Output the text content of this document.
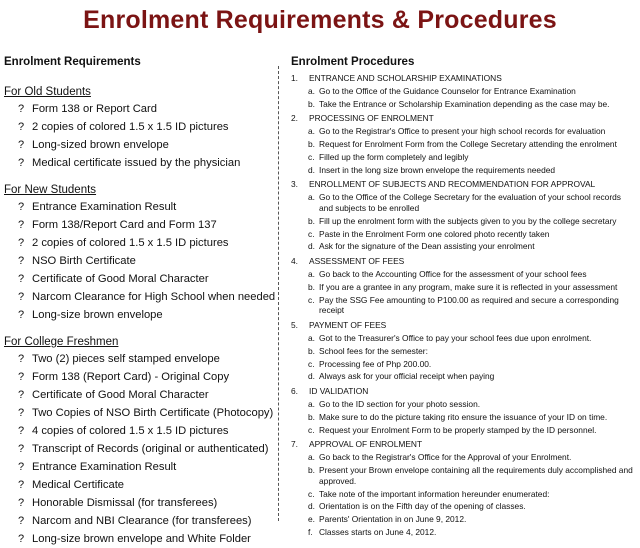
Enrolment Requirements & Procedures
Enrolment Requirements
For Old Students
? Form 138 or Report Card
? 2 copies of colored 1.5 x 1.5 ID pictures
? Long-sized brown envelope
? Medical certificate issued by the physician
For New Students
? Entrance Examination Result
? Form 138/Report Card and Form 137
? 2 copies of colored 1.5 x 1.5 ID pictures
? NSO Birth Certificate
? Certificate of Good Moral Character
? Narcom Clearance for High School when needed
? Long-size brown envelope
For College Freshmen
? Two (2) pieces self stamped envelope
? Form 138 (Report Card) - Original Copy
? Certificate of Good Moral Character
? Two Copies of NSO Birth Certificate (Photocopy)
? 4 copies of colored 1.5 x 1.5 ID pictures
? Transcript of Records (original or authenticated)
? Entrance Examination Result
? Medical Certificate
? Honorable Dismissal (for transferees)
? Narcom and NBI Clearance (for transferees)
? Long-size brown envelope and White Folder
Enrolment Procedures
1.	ENTRANCE AND SCHOLARSHIP EXAMINATIONS
a. Go to the Office of the Guidance Counselor for Entrance Examination
b. Take the Entrance or Scholarship Examination depending as the case may be.
2.	PROCESSING OF ENROLMENT
a. Go to the Registrar's Office to present your high school records for evaluation
b. Request for Enrolment Form from the College Secretary attending the enrolment
c. Filled up the form completely and legibly
d. Insert in the long size brown envelope the requirements needed
3.	ENROLLMENT OF SUBJECTS AND RECOMMENDATION FOR APPROVAL
a. Go to the Office of the College Secretary for the evaluation of your school records and subjects to be enrolled
b. Fill up the enrolment form with the subjects given to you by the college secretary
c. Paste in the Enrolment Form one colored photo recently taken
d. Ask for the signature of the Dean assisting your enrolment
4.	ASSESSMENT OF FEES
a. Go back to the Accounting Office for the assessment of your school fees
b. If you are a grantee in any program, make sure it is reflected in your assessment
c. Pay the SSG Fee amounting to P100.00 as required and secure a corresponding receipt
5.	PAYMENT OF FEES
a. Got to the Treasurer's Office to pay your school fees due upon enrolment.
b. School fees for the semester:
c. Processing fee of Php 200.00.
d. Always ask for your official receipt when paying
6.	ID VALIDATION
a. Go to the ID section for your photo session.
b. Make sure to do the picture taking rito ensure the issuance of your ID on time.
c. Request your Enrolment Form to be properly stamped by the ID personnel.
7.	APPROVAL OF ENROLMENT
a. Go back to the Registrar's Office for the Approval of your Enrolment.
b. Present your Brown envelope containing all the requirements duly accomplished and approved.
c. Take note of the important information hereunder enumerated:
d. Orientation is on the Fifth day of the opening of classes.
e. Parents' Orientation in on June 9, 2012.
f. Classes starts on June 4, 2012.
